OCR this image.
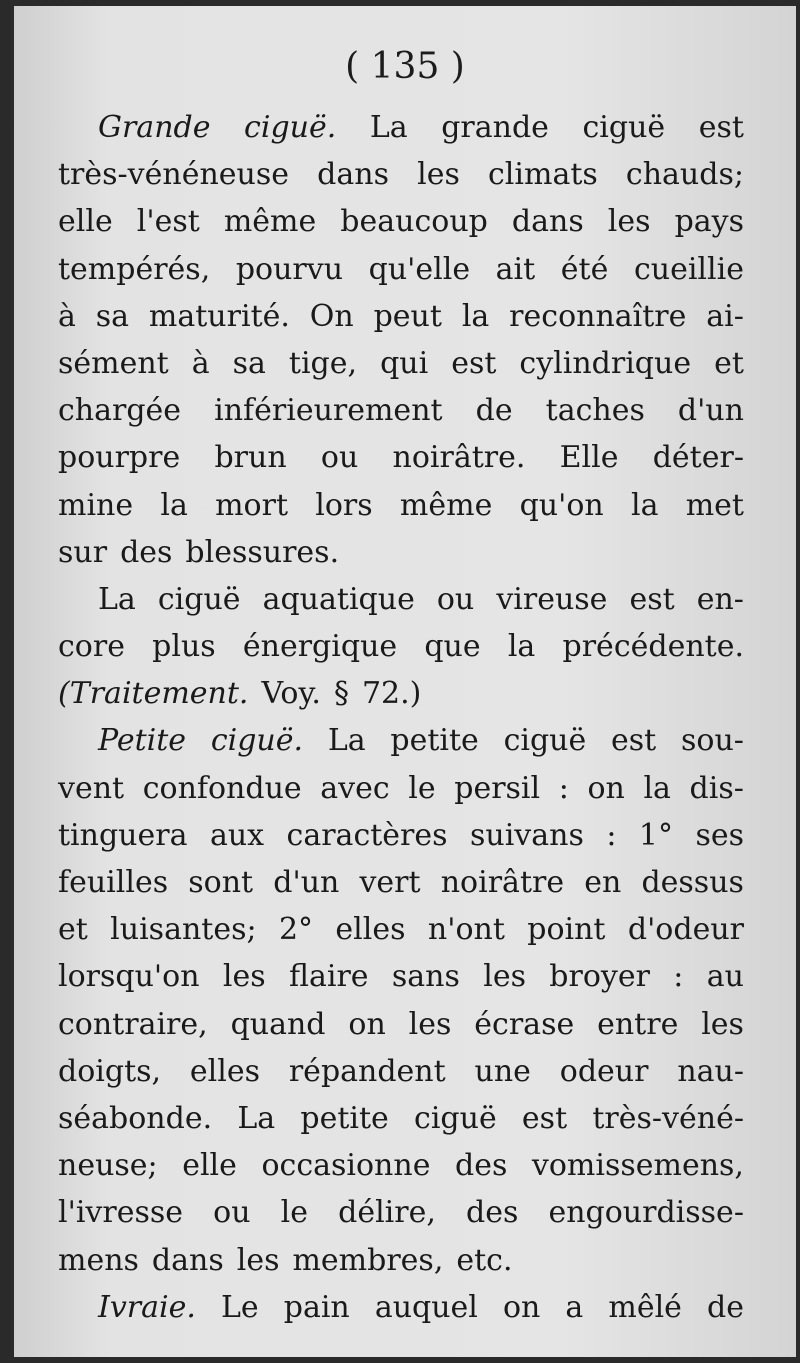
( 135 )
Grande ciguë. La grande ciguë est
très-vénéneuse dans les climats chauds;
elle l'est même beaucoup dans les pays
tempérés, pourvu qu'elle ait été cueillie
à sa maturité. On peut la reconnaître ai-
sément à sa tige, qui est cylindrique et
chargée inférieurement de taches d'un
pourpre brun ou noirâtre. Elle déter-
mine la mort lors même qu'on la met
sur des blessures.
La ciguë aquatique ou vireuse est en-
core plus énergique que la précédente.
(Traitement. Voy. § 72.)
Petite ciguë. La petite ciguë est sou-
vent confondue avec le persil : on la dis-
tinguera aux caractères suivans : 1° ses
feuilles sont d'un vert noirâtre en dessus
et luisantes; 2° elles n'ont point d'odeur
lorsqu'on les flaire sans les broyer : au
contraire, quand on les écrase entre les
doigts, elles répandent une odeur nau-
séabonde. La petite ciguë est très-véné-
neuse; elle occasionne des vomissemens,
l'ivresse ou le délire, des engourdisse-
mens dans les membres, etc.
Ivraie. Le pain auquel on a mêlé de
